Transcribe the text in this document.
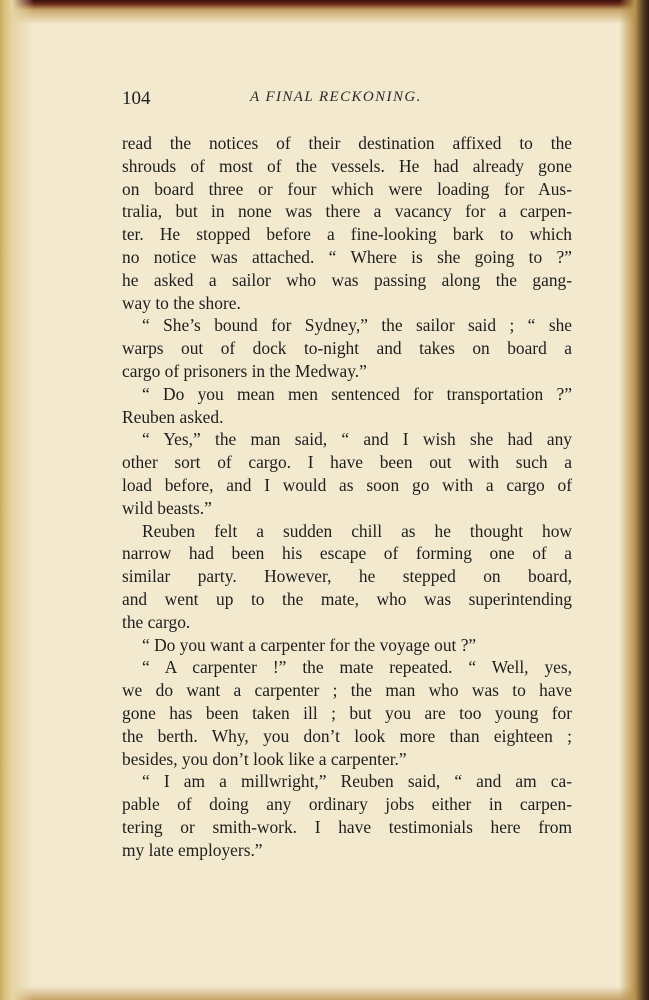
104	A FINAL RECKONING.
read the notices of their destination affixed to the
shrouds of most of the vessels. He had already gone
on board three or four which were loading for Aus-
tralia, but in none was there a vacancy for a carpen-
ter. He stopped before a fine-looking bark to which
no notice was attached. “ Where is she going to ?”
he asked a sailor who was passing along the gang-
way to the shore.
“ She’s bound for Sydney,” the sailor said ; “ she
warps out of dock to-night and takes on board a
cargo of prisoners in the Medway.”
“ Do you mean men sentenced for transportation ?”
Reuben asked.
“ Yes,” the man said, “ and I wish she had any
other sort of cargo. I have been out with such a
load before, and I would as soon go with a cargo of
wild beasts.”
Reuben felt a sudden chill as he thought how
narrow had been his escape of forming one of a
similar party. However, he stepped on board,
and went up to the mate, who was superintending
the cargo.
“ Do you want a carpenter for the voyage out ?”
“ A carpenter !” the mate repeated. “ Well, yes,
we do want a carpenter ; the man who was to have
gone has been taken ill ; but you are too young for
the berth. Why, you don’t look more than eighteen ;
besides, you don’t look like a carpenter.”
“ I am a millwright,” Reuben said, “ and am ca-
pable of doing any ordinary jobs either in carpen-
tering or smith-work. I have testimonials here from
my late employers.”
